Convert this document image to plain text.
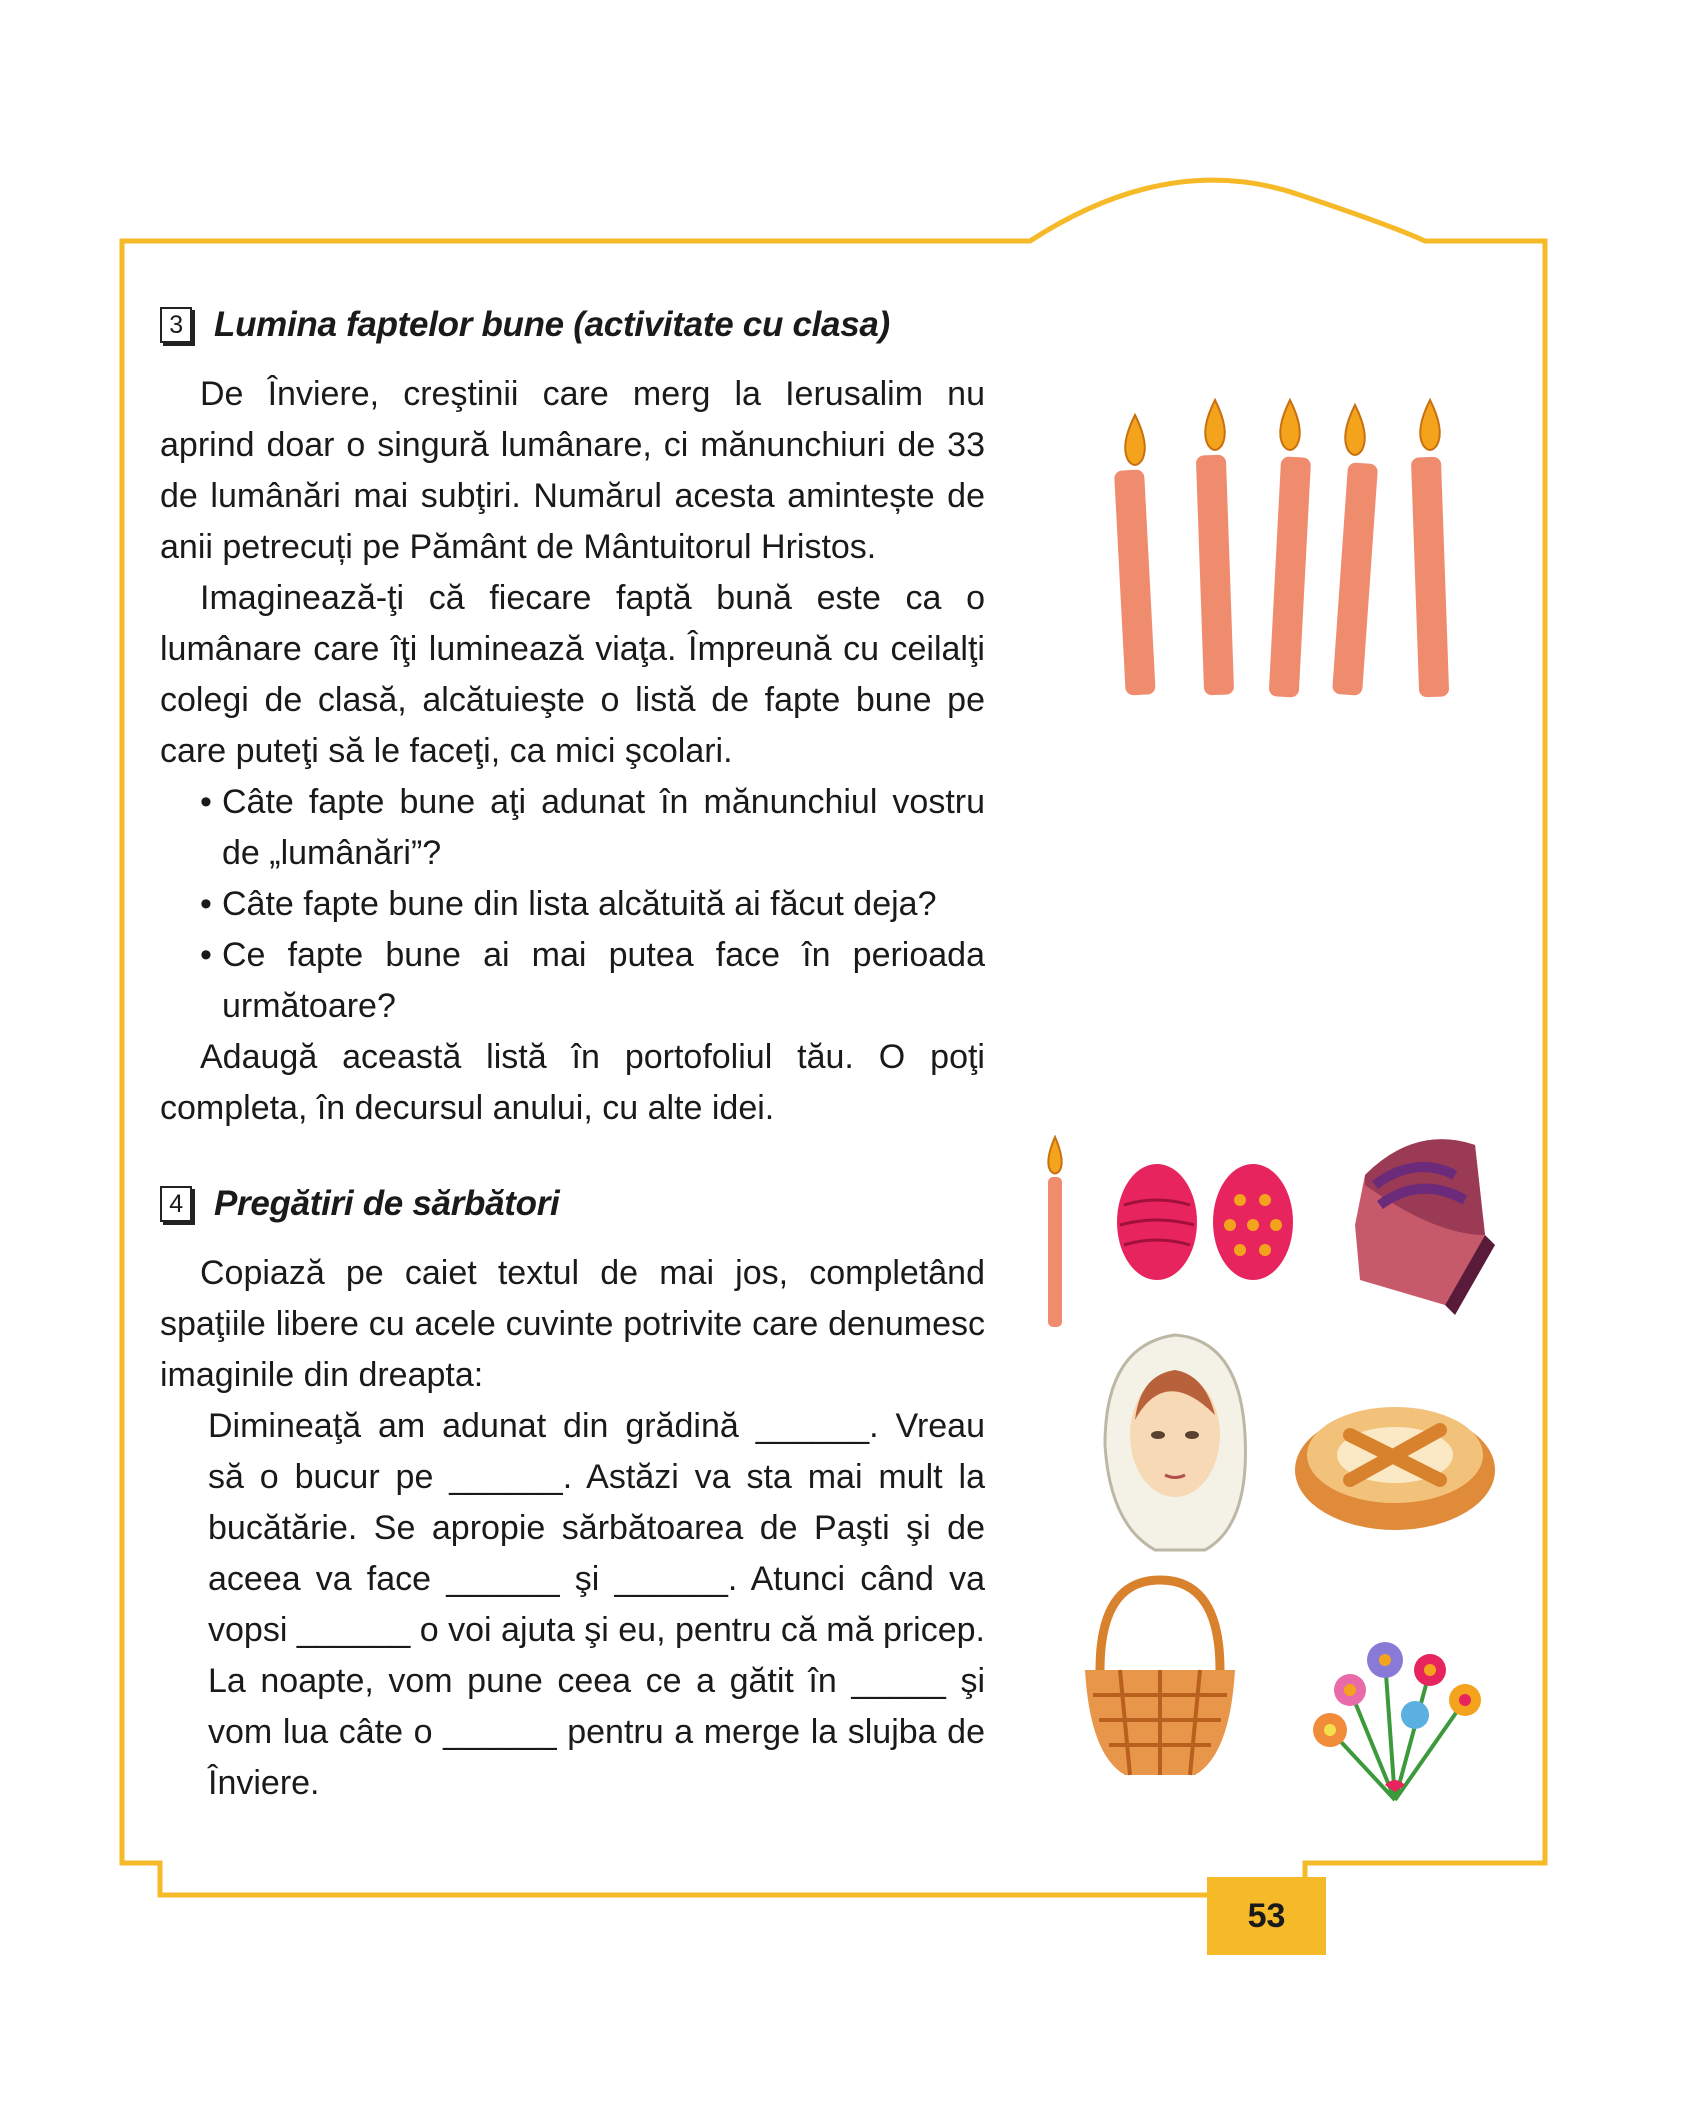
3 Lumina faptelor bune (activitate cu clasa)

De Înviere, creştinii care merg la Ierusalim nu aprind doar o singură lumânare, ci mănunchiuri de 33 de lumânări mai subţiri. Numărul acesta amintește de anii petrecuți pe Pământ de Mântuitorul Hristos.

Imaginează-ţi că fiecare faptă bună este ca o lumânare care îţi luminează viaţa. Împreună cu ceilalţi colegi de clasă, alcătuieşte o listă de fapte bune pe care puteţi să le faceţi, ca mici şcolari.

• Câte fapte bune aţi adunat în mănunchiul vostru de „lumânări”?
• Câte fapte bune din lista alcătuită ai făcut deja?
• Ce fapte bune ai mai putea face în perioada următoare?

Adaugă această listă în portofoliul tău. O poţi completa, în decursul anului, cu alte idei.

4 Pregătiri de sărbători

Copiază pe caiet textul de mai jos, completând spaţiile libere cu acele cuvinte potrivite care denumesc imaginile din dreapta:

Dimineaţă am adunat din grădină ______. Vreau să o bucur pe ______. Astăzi va sta mai mult la bucătărie. Se apropie sărbătoarea de Paşti şi de aceea va face ______ şi ______. Atunci când va vopsi ______ o voi ajuta şi eu, pentru că mă pricep. La noapte, vom pune ceea ce a gătit în _____ şi vom lua câte o ______ pentru a merge la slujba de Înviere.

53
